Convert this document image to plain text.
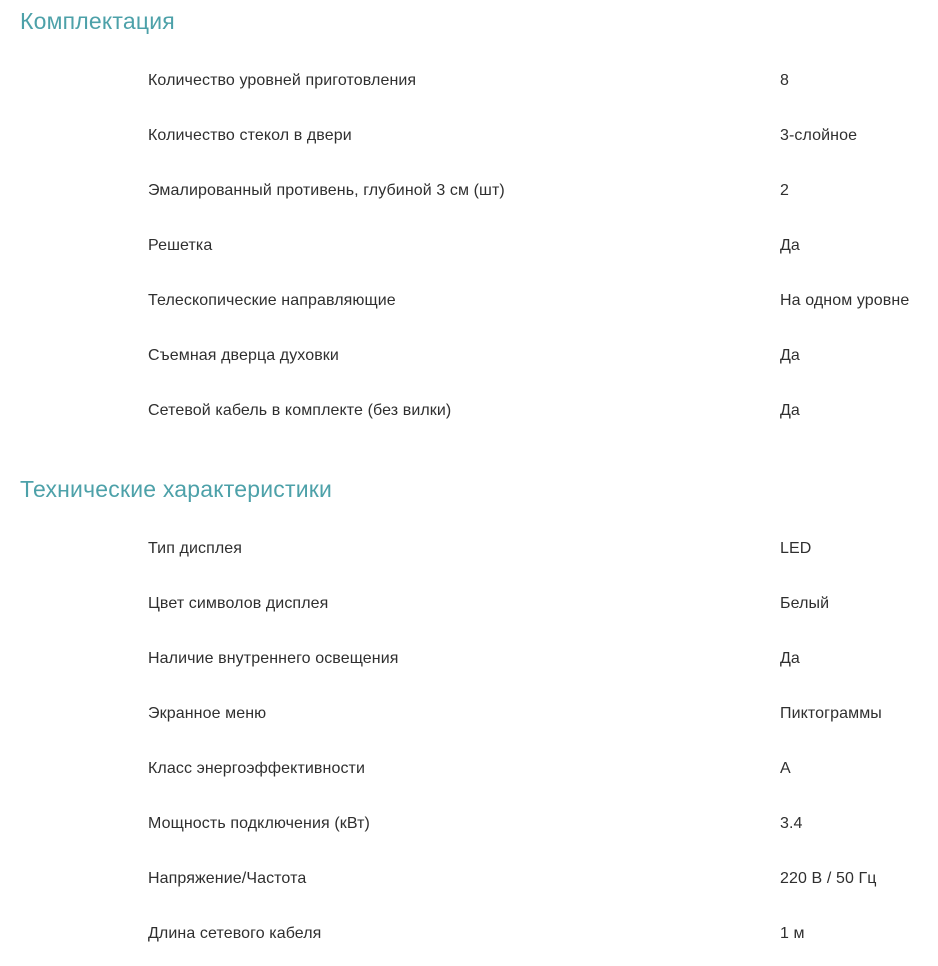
Комплектация
Количество уровней приготовления	8
Количество стекол в двери	3-слойное
Эмалированный противень, глубиной 3 см (шт)	2
Решетка	Да
Телескопические направляющие	На одном уровне
Съемная дверца духовки	Да
Сетевой кабель в комплекте (без вилки)	Да
Технические характеристики
Тип дисплея	LED
Цвет символов дисплея	Белый
Наличие внутреннего освещения	Да
Экранное меню	Пиктограммы
Класс энергоэффективности	A
Мощность подключения (кВт)	3.4
Напряжение/Частота	220 В / 50 Гц
Длина сетевого кабеля	1 м
